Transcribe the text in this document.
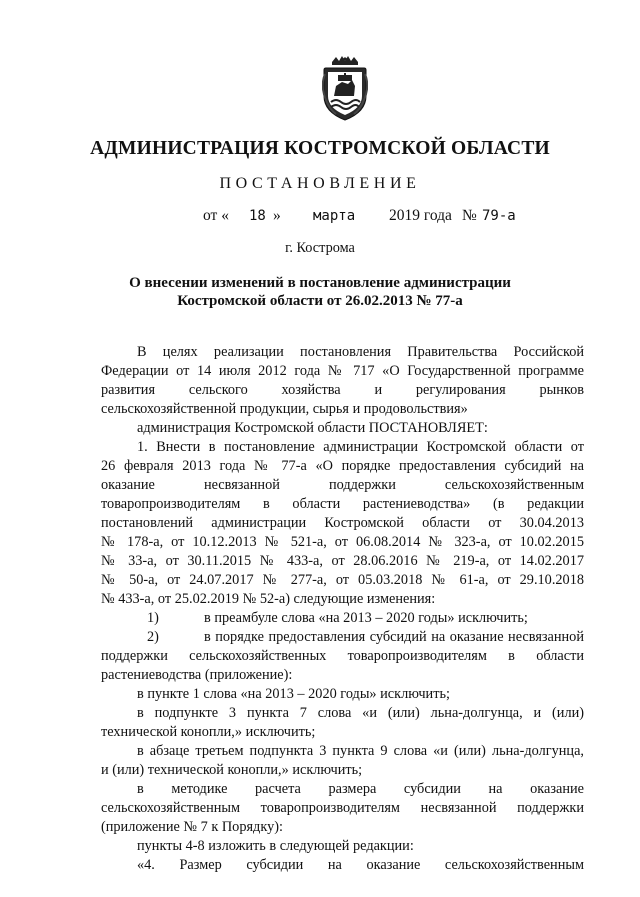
АДМИНИСТРАЦИЯ КОСТРОМСКОЙ ОБЛАСТИ
ПОСТАНОВЛЕНИЕ
от « 18 » марта 2019 года № 79-а
г. Кострома
О внесении изменений в постановление администрации
Костромской области от 26.02.2013 № 77-а
В целях реализации постановления Правительства Российской
Федерации от 14 июля 2012 года № 717 «О Государственной программе
развития сельского хозяйства и регулирования рынков
сельскохозяйственной продукции, сырья и продовольствия»
администрация Костромской области ПОСТАНОВЛЯЕТ:
1. Внести в постановление администрации Костромской области от
26 февраля 2013 года № 77-а «О порядке предоставления субсидий на
оказание несвязанной поддержки сельскохозяйственным
товаропроизводителям в области растениеводства» (в редакции
постановлений администрации Костромской области от 30.04.2013
№ 178-а, от 10.12.2013 № 521-а, от 06.08.2014 № 323-а, от 10.02.2015
№ 33-а, от 30.11.2015 № 433-а, от 28.06.2016 № 219-а, от 14.02.2017
№ 50-а, от 24.07.2017 № 277-а, от 05.03.2018 № 61-а, от 29.10.2018
№ 433-а, от 25.02.2019 № 52-а) следующие изменения:
1)	в преамбуле слова «на 2013 – 2020 годы» исключить;
2)	в порядке предоставления субсидий на оказание несвязанной
поддержки сельскохозяйственных товаропроизводителям в области
растениеводства (приложение):
в пункте 1 слова «на 2013 – 2020 годы» исключить;
в подпункте 3 пункта 7 слова «и (или) льна-долгунца, и (или)
технической конопли,» исключить;
в абзаце третьем подпункта 3 пункта 9 слова «и (или) льна-долгунца,
и (или) технической конопли,» исключить;
в методике расчета размера субсидии на оказание
сельскохозяйственным товаропроизводителям несвязанной поддержки
(приложение № 7 к Порядку):
пункты 4-8 изложить в следующей редакции:
«4. Размер субсидии на оказание сельскохозяйственным
